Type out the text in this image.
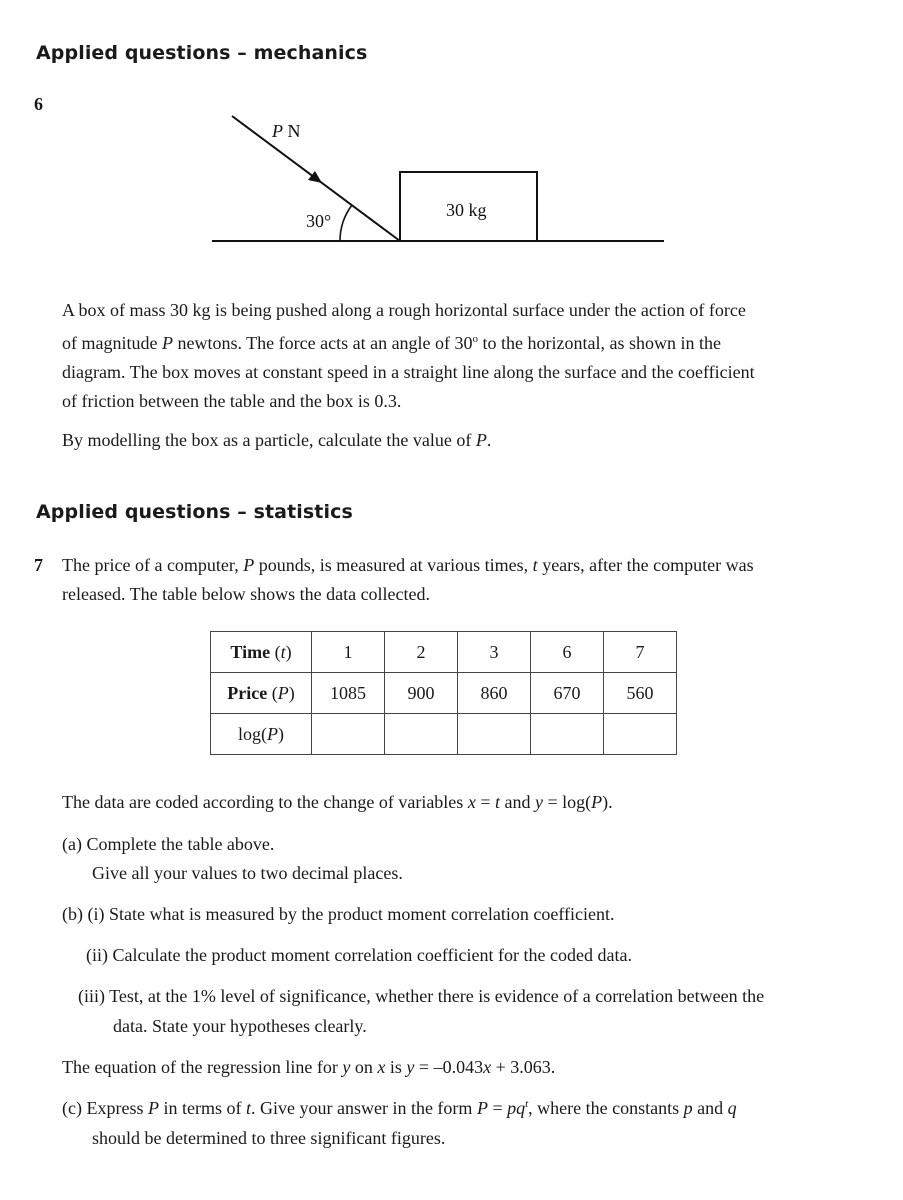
Applied questions – mechanics
6
P N
30°
30 kg

A box of mass 30 kg is being pushed along a rough horizontal surface under the action of force

of magnitude P newtons. The force acts at an angle of 30$^o$ to the horizontal, as shown in the

diagram. The box moves at constant speed in a straight line along the surface and the coefficient

of friction between the table and the box is 0.3.

By modelling the box as a particle, calculate the value of P.
Applied questions – statistics
7 The price of a computer, P pounds, is measured at various times, t years, after the computer was

released. The table below shows the data collected.

Time (t)	1	2	3	6	7
Price (P)	1085	900	860	670	560
log(P)					
The data are coded according to the change of variables x = t and y = log(P).
(a) Complete the table above.
Give all your values to two decimal places.
(b) (i) State what is measured by the product moment correlation coefficient.
(ii) Calculate the product moment correlation coefficient for the coded data.
(iii) Test, at the 1% level of significance, whether there is evidence of a correlation between the
data. State your hypotheses clearly.
The equation of the regression line for y on x is y = –0.043x + 3.063.
(c) Express P in terms of t. Give your answer in the form $P = pq^t$, where the constants p and q
should be determined to three significant figures.
